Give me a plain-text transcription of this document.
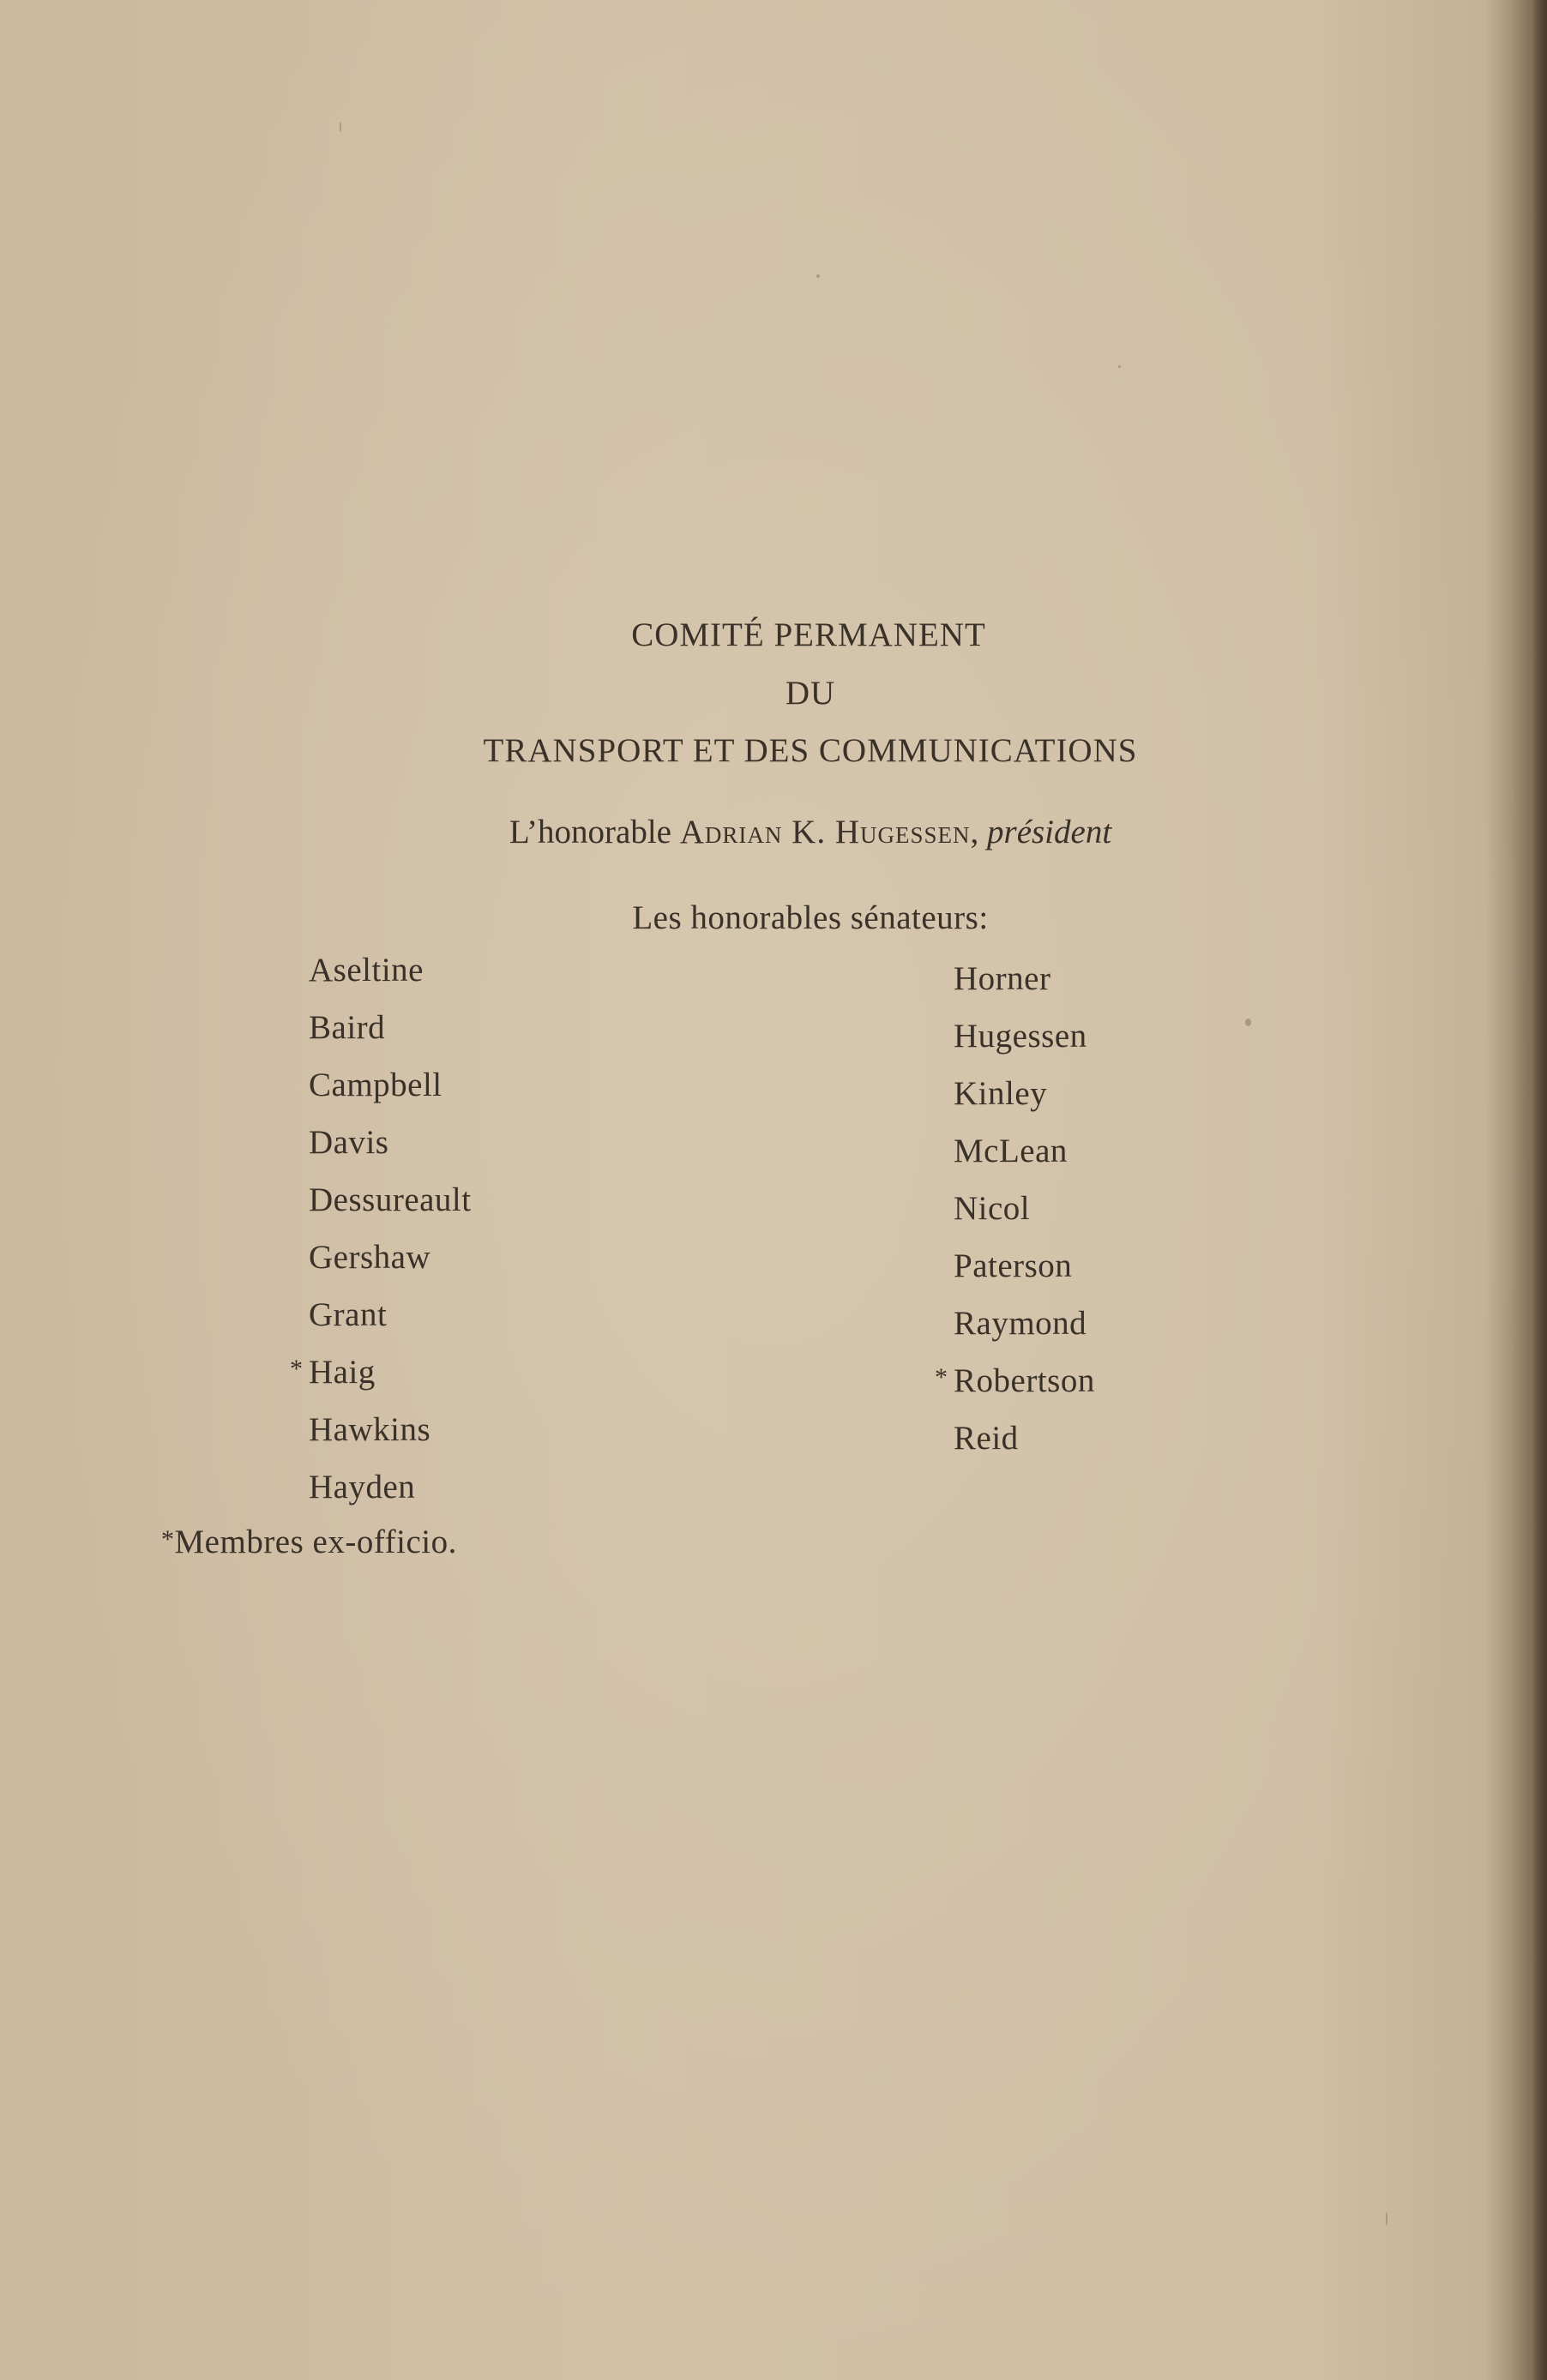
COMITÉ PERMANENT
DU
TRANSPORT ET DES COMMUNICATIONS
L’honorable Adrian K. Hugessen, président
Les honorables sénateurs:
Aseltine
Baird
Campbell
Davis
Dessureault
Gershaw
Grant
* Haig
Hawkins
Hayden
Horner
Hugessen
Kinley
McLean
Nicol
Paterson
Raymond
* Robertson
Reid
*Membres ex-officio.
